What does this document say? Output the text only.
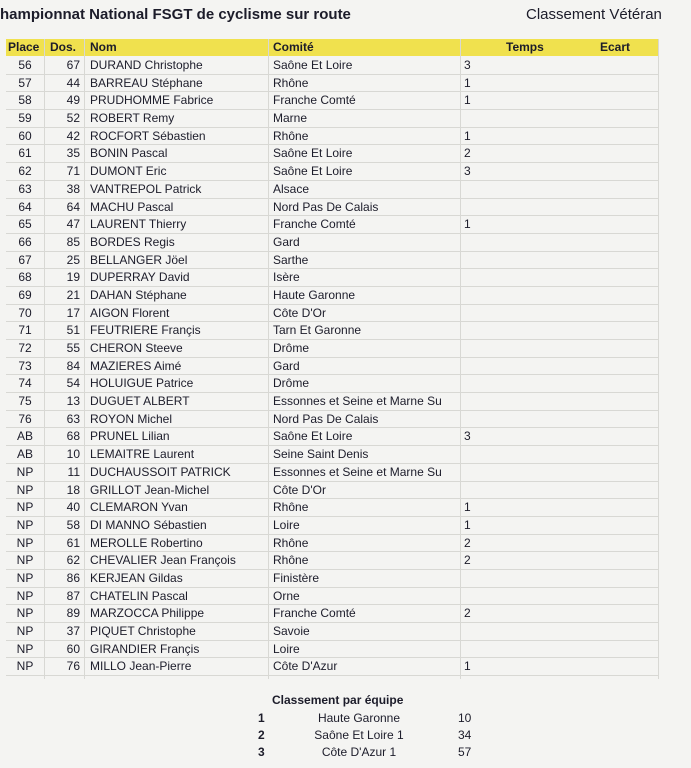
hampionnat National FSGT de cyclisme sur route	Classement Vétéran
Place Dos. Nom	Comité	Temps	Ecart
56	67 DURAND Christophe	Saône Et Loire	3
57	44 BARREAU Stéphane	Rhône	1
58	49 PRUDHOMME Fabrice	Franche Comté	1
59	52 ROBERT Remy	Marne
60	42 ROCFORT Sébastien	Rhône	1
61	35 BONIN Pascal	Saône Et Loire	2
62	71 DUMONT Eric	Saône Et Loire	3
63	38 VANTREPOL Patrick	Alsace
64	64 MACHU Pascal	Nord Pas De Calais
65	47 LAURENT Thierry	Franche Comté	1
66	85 BORDES Regis	Gard
67	25 BELLANGER Jöel	Sarthe
68	19 DUPERRAY David	Isère
69	21 DAHAN Stéphane	Haute Garonne
70	17 AIGON Florent	Côte D'Or
71	51 FEUTRIERE Françis	Tarn Et Garonne
72	55 CHERON Steeve	Drôme
73	84 MAZIERES Aimé	Gard
74	54 HOLUIGUE Patrice	Drôme
75	13 DUGUET ALBERT	Essonnes et Seine et Marne Su
76	63 ROYON Michel	Nord Pas De Calais
AB	68 PRUNEL Lilian	Saône Et Loire	3
AB	10 LEMAITRE Laurent	Seine Saint Denis
NP	11 DUCHAUSSOIT PATRICK	Essonnes et Seine et Marne Su
NP	18 GRILLOT Jean-Michel	Côte D'Or
NP	40 CLEMARON Yvan	Rhône	1
NP	58 DI MANNO Sébastien	Loire	1
NP	61 MEROLLE Robertino	Rhône	2
NP	62 CHEVALIER Jean François	Rhône	2
NP	86 KERJEAN Gildas	Finistère
NP	87 CHATELIN Pascal	Orne
NP	89 MARZOCCA Philippe	Franche Comté	2
NP	37 PIQUET Christophe	Savoie
NP	60 GIRANDIER Françis	Loire
NP	76 MILLO Jean-Pierre	Côte D'Azur	1
Classement par équipe
1	Haute Garonne	10
2	Saône Et Loire 1	34
3	Côte D'Azur 1	57
